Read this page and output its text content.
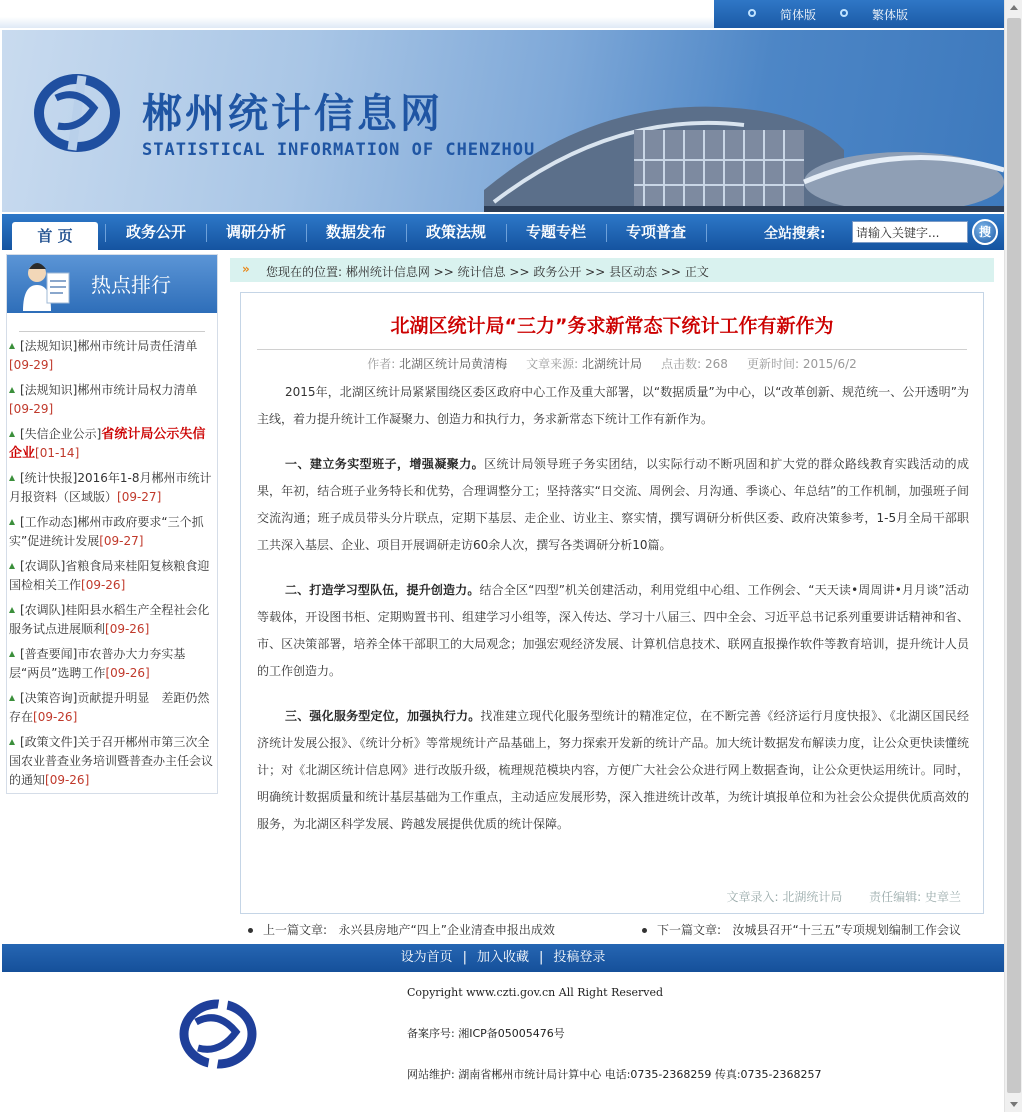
简体版	繁体版
郴州统计信息网
STATISTICAL INFORMATION OF CHENZHOU
首 页	政务公开	调研分析	数据发布	政策法规	专题专栏	专项普查	全站搜索:
请输入关键字...	搜
热点排行
[法规知识]郴州市统计局责任清单
[09-29]
[法规知识]郴州市统计局权力清单
[09-29]
[失信企业公示]省统计局公示失信企业[01-14]
[统计快报]2016年1-8月郴州市统计月报资料（区域版）[09-27]
[工作动态]郴州市政府要求“三个抓实”促进统计发展[09-27]
[农调队]省粮食局来桂阳复核粮食迎国检相关工作[09-26]
[农调队]桂阳县水稻生产全程社会化服务试点进展顺利[09-26]
[普查要闻]市农普办大力夯实基层“两员”选聘工作[09-26]
[决策咨询]贡献提升明显　差距仍然存在[09-26]
[政策文件]关于召开郴州市第三次全国农业普查业务培训暨普查办主任会议的通知[09-26]
» 您现在的位置: 郴州统计信息网 >> 统计信息 >> 政务公开 >> 县区动态 >> 正文
北湖区统计局“三力”务求新常态下统计工作有新作为
作者: 北湖区统计局黄清梅 文章来源: 北湖统计局 点击数: 268 更新时间: 2015/6/2

2015年，北湖区统计局紧紧围绕区委区政府中心工作及重大部署，以“数据质量”为中心，以“改革创新、规范统一、公开透明”为主线，着力提升统计工作凝聚力、创造力和执行力，务求新常态下统计工作有新作为。

一、建立务实型班子，增强凝聚力。区统计局领导班子务实团结，以实际行动不断巩固和扩大党的群众路线教育实践活动的成果，年初，结合班子业务特长和优势，合理调整分工；坚持落实“日交流、周例会、月沟通、季谈心、年总结”的工作机制，加强班子间交流沟通；班子成员带头分片联点，定期下基层、走企业、访业主、察实情，撰写调研分析供区委、政府决策参考，1-5月全局干部职工共深入基层、企业、项目开展调研走访60余人次，撰写各类调研分析10篇。

二、打造学习型队伍，提升创造力。结合全区“四型”机关创建活动，利用党组中心组、工作例会、“天天读•周周讲•月月谈”活动等载体，开设图书柜、定期购置书刊、组建学习小组等，深入传达、学习十八届三、四中全会、习近平总书记系列重要讲话精神和省、市、区决策部署，培养全体干部职工的大局观念；加强宏观经济发展、计算机信息技术、联网直报操作软件等教育培训，提升统计人员的工作创造力。

三、强化服务型定位，加强执行力。找准建立现代化服务型统计的精准定位，在不断完善《经济运行月度快报》、《北湖区国民经济统计发展公报》、《统计分析》等常规统计产品基础上，努力探索开发新的统计产品。加大统计数据发布解读力度，让公众更快读懂统计；对《北湖区统计信息网》进行改版升级，梳理规范模块内容，方便广大社会公众进行网上数据查询，让公众更快运用统计。同时，明确统计数据质量和统计基层基础为工作重点，主动适应发展形势，深入推进统计改革，为统计填报单位和为社会公众提供优质高效的服务，为北湖区科学发展、跨越发展提供优质的统计保障。

文章录入: 北湖统计局 责任编辑: 史章兰
上一篇文章: 永兴县房地产“四上”企业清查申报出成效	下一篇文章: 汝城县召开“十三五”专项规划编制工作会议
设为首页 | 加入收藏 | 投稿登录
Copyright www.czti.gov.cn All Right Reserved
备案序号: 湘ICP备05005476号
网站维护: 湖南省郴州市统计局计算中心 电话:0735-2368259 传真:0735-2368257
